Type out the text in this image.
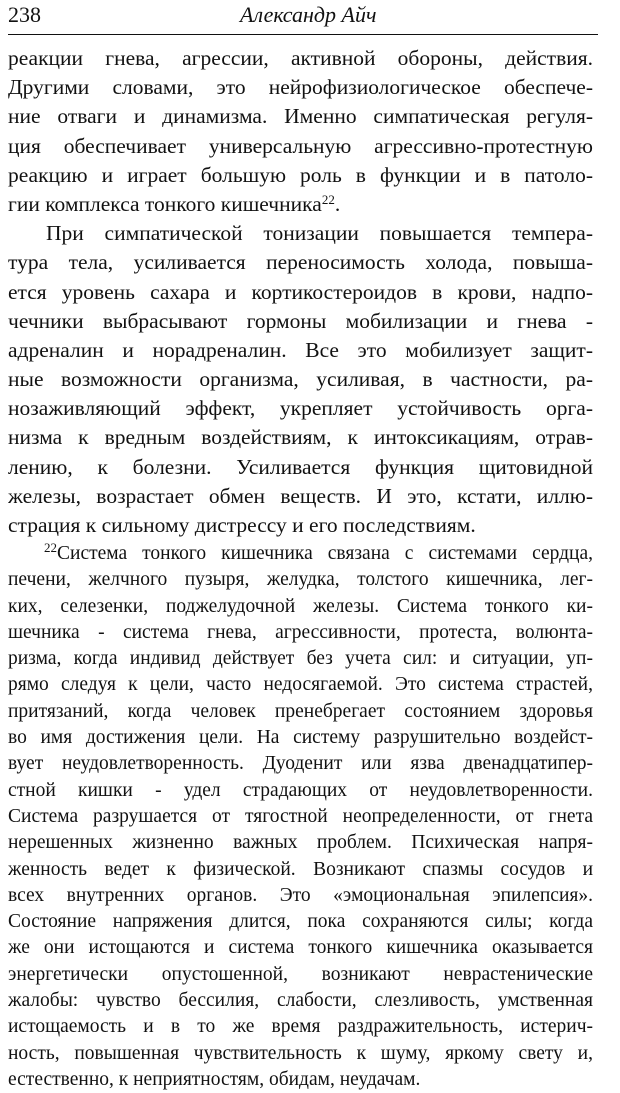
238	Александр Айч
реакции гнева, агрессии, активной обороны, действия.
Другими словами, это нейрофизиологическое обеспече-
ние отваги и динамизма. Именно симпатическая регуля-
ция обеспечивает универсальную агрессивно-протестную
реакцию и играет большую роль в функции и в патоло-
гии комплекса тонкого кишечника$^{22}$.
При симпатической тонизации повышается темпера-
тура тела, усиливается переносимость холода, повыша-
ется уровень сахара и кортикостероидов в крови, надпо-
чечники выбрасывают гормоны мобилизации и гнева -
адреналин и норадреналин. Все это мобилизует защит-
ные возможности организма, усиливая, в частности, ра-
нозаживляющий эффект, укрепляет устойчивость орга-
низма к вредным воздействиям, к интоксикациям, отрав-
лению, к болезни. Усиливается функция щитовидной
железы, возрастает обмен веществ. И это, кстати, иллю-
страция к сильному дистрессу и его последствиям.
$^{22}$Система тонкого кишечника связана с системами сердца,
печени, желчного пузыря, желудка, толстого кишечника, лег-
ких, селезенки, поджелудочной железы. Система тонкого ки-
шечника - система гнева, агрессивности, протеста, волюнта-
ризма, когда индивид действует без учета сил: и ситуации, уп-
рямо следуя к цели, часто недосягаемой. Это система страстей,
притязаний, когда человек пренебрегает состоянием здоровья
во имя достижения цели. На систему разрушительно воздейст-
вует неудовлетворенность. Дуоденит или язва двенадцатипер-
стной кишки - удел страдающих от неудовлетворенности.
Система разрушается от тягостной неопределенности, от гнета
нерешенных жизненно важных проблем. Психическая напря-
женность ведет к физической. Возникают спазмы сосудов и
всех внутренних органов. Это «эмоциональная эпилепсия».
Состояние напряжения длится, пока сохраняются силы; когда
же они истощаются и система тонкого кишечника оказывается
энергетически опустошенной, возникают неврастенические
жалобы: чувство бессилия, слабости, слезливость, умственная
истощаемость и в то же время раздражительность, истерич-
ность, повышенная чувствительность к шуму, яркому свету и,
естественно, к неприятностям, обидам, неудачам.
